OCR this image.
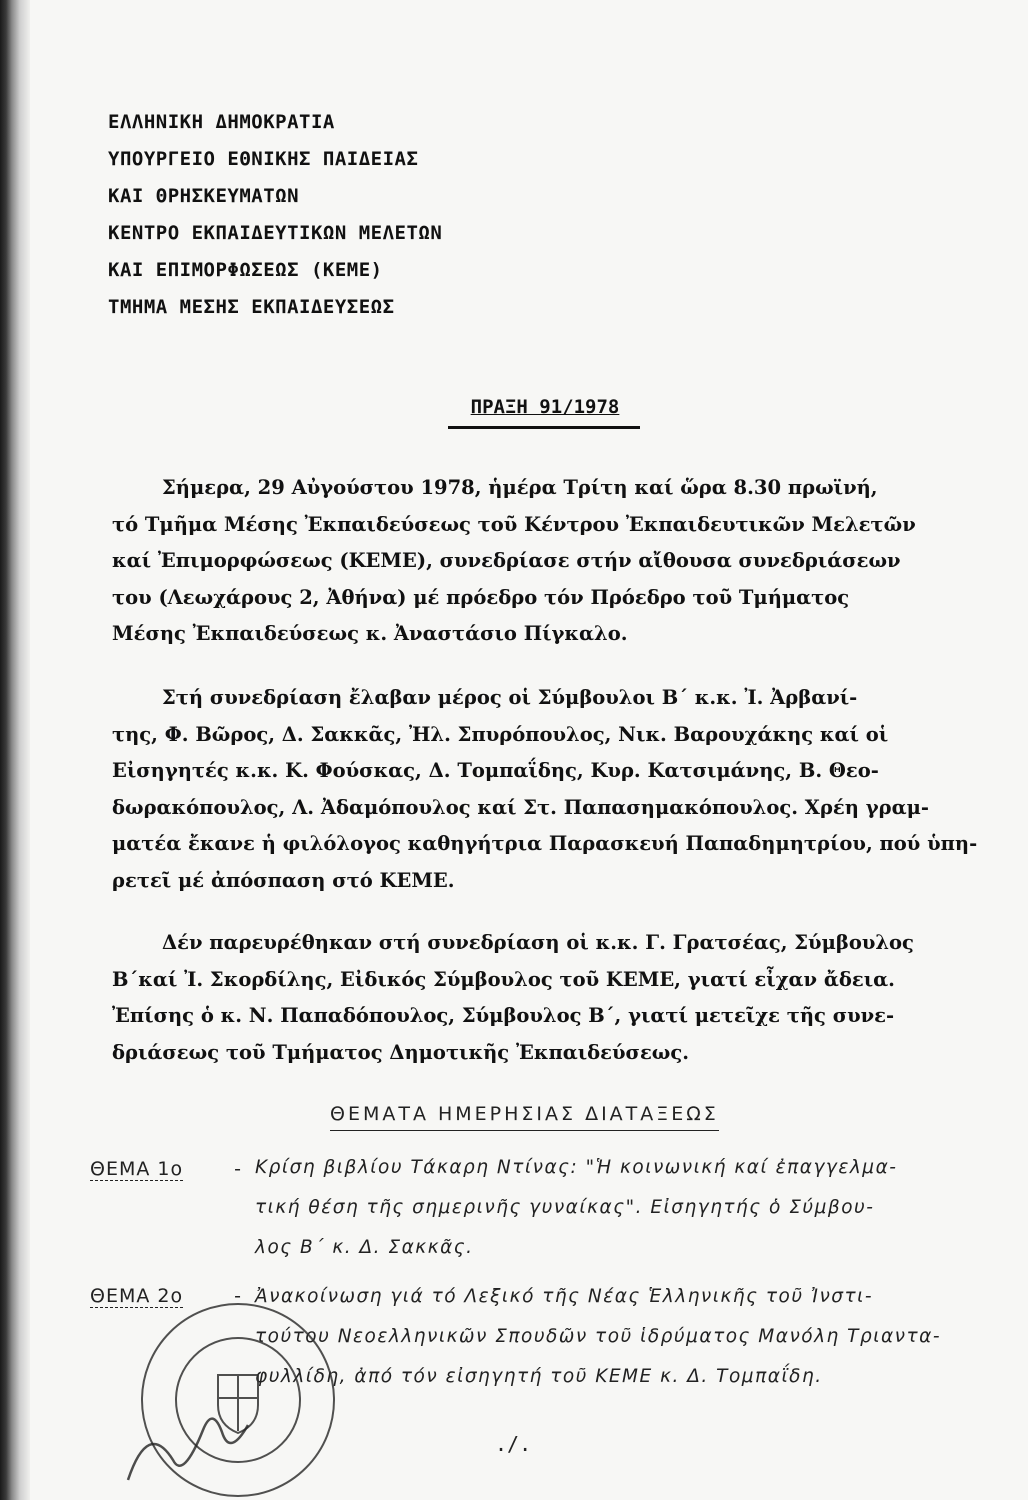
ΕΛΛΗΝΙΚΗ ΔΗΜΟΚΡΑΤΙΑ
ΥΠΟΥΡΓΕΙΟ ΕΘΝΙΚΗΣ ΠΑΙΔΕΙΑΣ
ΚΑΙ ΘΡΗΣΚΕΥΜΑΤΩΝ
ΚΕΝΤΡΟ ΕΚΠΑΙΔΕΥΤΙΚΩΝ ΜΕΛΕΤΩΝ
ΚΑΙ ΕΠΙΜΟΡΦΩΣΕΩΣ (ΚΕΜΕ)
ΤΜΗΜΑ ΜΕΣΗΣ ΕΚΠΑΙΔΕΥΣΕΩΣ
ΠΡΑΞΗ 91/1978
Σήμερα, 29 Αὐγούστου 1978, ἡμέρα Τρίτη καί ὥρα 8.30 πρωϊνή,
τό Τμῆμα Μέσης Ἐκπαιδεύσεως τοῦ Κέντρου Ἐκπαιδευτικῶν Μελετῶν
καί Ἐπιμορφώσεως (ΚΕΜΕ), συνεδρίασε στήν αἴθουσα συνεδριάσεων
του (Λεωχάρους 2, Ἀθήνα) μέ πρόεδρο τόν Πρόεδρο τοῦ Τμήματος
Μέσης Ἐκπαιδεύσεως κ. Ἀναστάσιο Πίγκαλο.
Στή συνεδρίαση ἔλαβαν μέρος οἱ Σύμβουλοι Β΄ κ.κ. Ἰ. Ἀρβανί-
της, Φ. Βῶρος, Δ. Σακκᾶς, Ἠλ. Σπυρόπουλος, Νικ. Βαρουχάκης καί οἱ
Εἰσηγητές κ.κ. Κ. Φούσκας, Δ. Τομπαΐδης, Κυρ. Κατσιμάνης, Β. Θεο-
δωρακόπουλος, Λ. Ἀδαμόπουλος καί Στ. Παπασημακόπουλος. Χρέη γραμ-
ματέα ἔκανε ἡ φιλόλογος καθηγήτρια Παρασκευή Παπαδημητρίου, πού ὑπη-
ρετεῖ μέ ἀπόσπαση στό ΚΕΜΕ.
Δέν παρευρέθηκαν στή συνεδρίαση οἱ κ.κ. Γ. Γρατσέας, Σύμβουλος
Β΄καί Ἰ. Σκορδίλης, Εἰδικός Σύμβουλος τοῦ ΚΕΜΕ, γιατί εἶχαν ἄδεια.
Ἐπίσης ὁ κ. Ν. Παπαδόπουλος, Σύμβουλος Β΄, γιατί μετεῖχε τῆς συνε-
δριάσεως τοῦ Τμήματος Δημοτικῆς Ἐκπαιδεύσεως.
ΘΕΜΑΤΑ ΗΜΕΡΗΣΙΑΣ ΔΙΑΤΑΞΕΩΣ
ΘΕΜΑ 1ο	- Κρίση βιβλίου Τάκαρη Ντίνας: "Ἡ κοινωνική καί ἐπαγγελμα-
τική θέση τῆς σημερινῆς γυναίκας". Εἰσηγητής ὁ Σύμβου-
λος Β΄ κ. Δ. Σακκᾶς.
ΘΕΜΑ 2ο	- Ἀνακοίνωση γιά τό Λεξικό τῆς Νέας Ἑλληνικῆς τοῦ Ἰνστι-
τούτου Νεοελληνικῶν Σπουδῶν τοῦ ἱδρύματος Μανόλη Τριαντα-
φυλλίδη, ἀπό τόν εἰσηγητή τοῦ ΚΕΜΕ κ. Δ. Τομπαΐδη.
./.
